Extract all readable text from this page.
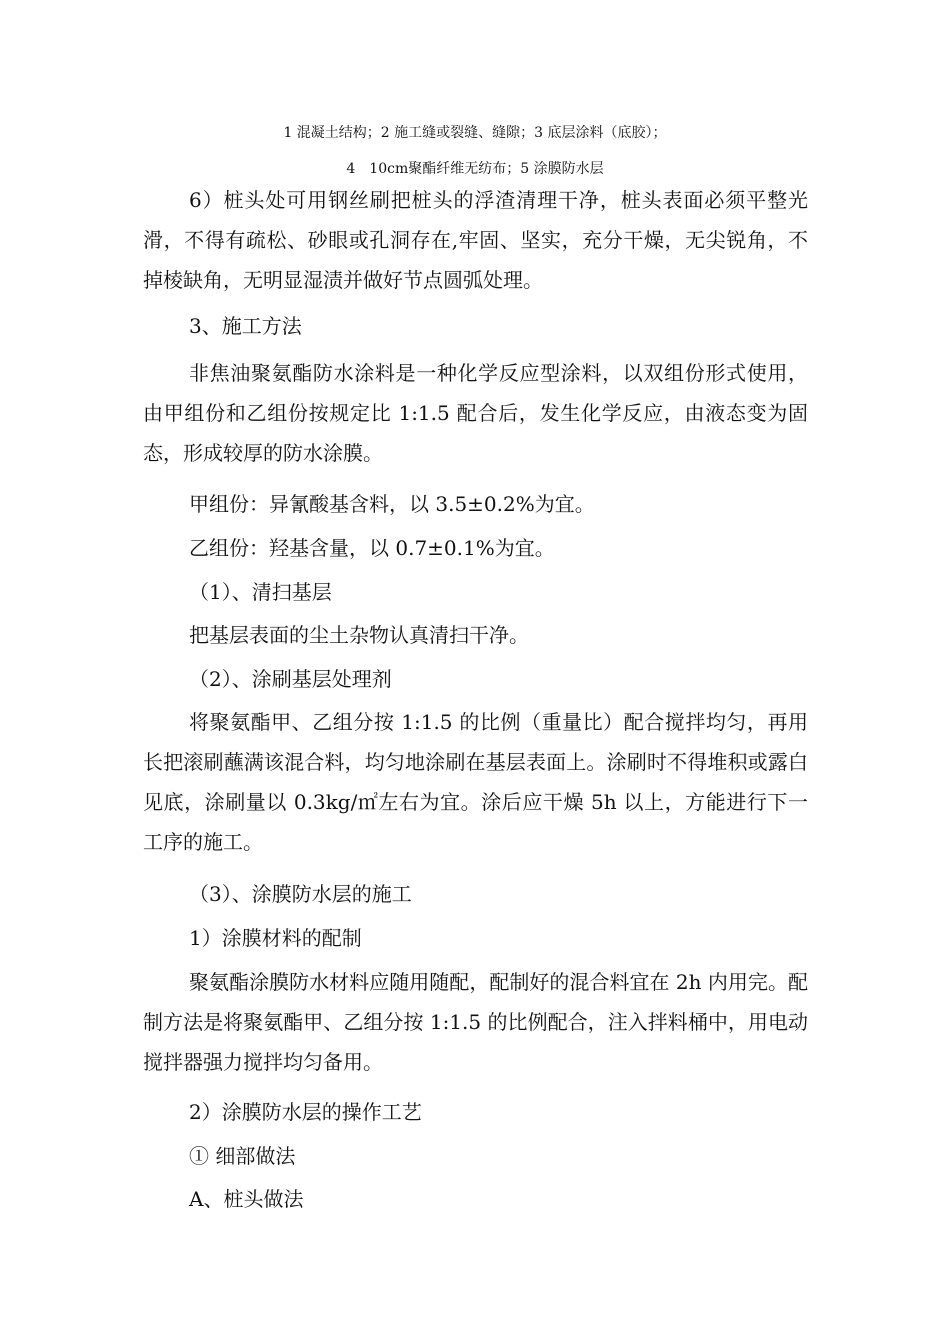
1 混凝土结构；2 施工缝或裂缝、缝隙；3 底层涂料（底胶）；
4　10cm聚酯纤维无纺布；5 涂膜防水层

6）桩头处可用钢丝刷把桩头的浮渣清理干净，桩头表面必须平整光滑，不得有疏松、砂眼或孔洞存在,牢固、坚实，充分干燥，无尖锐角，不掉棱缺角，无明显湿渍并做好节点圆弧处理。

3、施工方法

非焦油聚氨酯防水涂料是一种化学反应型涂料，以双组份形式使用，由甲组份和乙组份按规定比 1:1.5 配合后，发生化学反应，由液态变为固态，形成较厚的防水涂膜。

甲组份：异氰酸基含料，以 3.5±0.2%为宜。

乙组份：羟基含量，以 0.7±0.1%为宜。

（1）、清扫基层

把基层表面的尘土杂物认真清扫干净。

（2）、涂刷基层处理剂

将聚氨酯甲、乙组分按 1:1.5 的比例（重量比）配合搅拌均匀，再用长把滚刷蘸满该混合料，均匀地涂刷在基层表面上。涂刷时不得堆积或露白见底，涂刷量以 0.3kg/㎡左右为宜。涂后应干燥 5h 以上，方能进行下一工序的施工。

（3）、涂膜防水层的施工

1）涂膜材料的配制

聚氨酯涂膜防水材料应随用随配，配制好的混合料宜在 2h 内用完。配制方法是将聚氨酯甲、乙组分按 1:1.5 的比例配合，注入拌料桶中，用电动搅拌器强力搅拌均匀备用。

2）涂膜防水层的操作工艺

① 细部做法

A、桩头做法
